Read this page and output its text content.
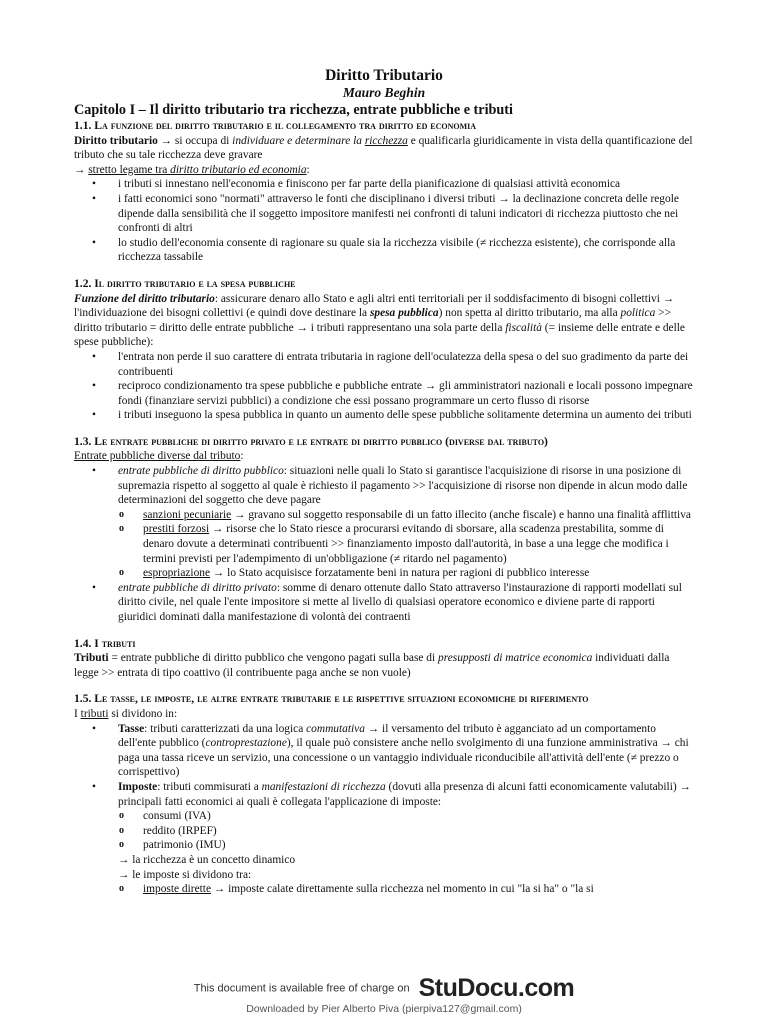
Diritto Tributario
Mauro Beghin
Capitolo I – Il diritto tributario tra ricchezza, entrate pubbliche e tributi
1.1. La funzione del diritto tributario e il collegamento tra diritto ed economia

Diritto tributario → si occupa di individuare e determinare la ricchezza e qualificarla giuridicamente in vista della quantificazione del tributo che su tale ricchezza deve gravare

→ stretto legame tra diritto tributario ed economia:

• i tributi si innestano nell'economia e finiscono per far parte della pianificazione di qualsiasi attività economica
• i fatti economici sono "normati" attraverso le fonti che disciplinano i diversi tributi → la declinazione concreta delle regole dipende dalla sensibilità che il soggetto impositore manifesti nei confronti di taluni indicatori di ricchezza piuttosto che nei confronti di altri
• lo studio dell'economia consente di ragionare su quale sia la ricchezza visibile (≠ ricchezza esistente), che corrisponde alla ricchezza tassabile
1.2. Il diritto tributario e la spesa pubbliche

Funzione del diritto tributario: assicurare denaro allo Stato e agli altri enti territoriali per il soddisfacimento di bisogni collettivi → l'individuazione dei bisogni collettivi (e quindi dove destinare la spesa pubblica) non spetta al diritto tributario, ma alla politica >> diritto tributario = diritto delle entrate pubbliche → i tributi rappresentano una sola parte della fiscalità (= insieme delle entrate e delle spese pubbliche):

• l'entrata non perde il suo carattere di entrata tributaria in ragione dell'oculatezza della spesa o del suo gradimento da parte dei contribuenti
• reciproco condizionamento tra spese pubbliche e pubbliche entrate → gli amministratori nazionali e locali possono impegnare fondi (finanziare servizi pubblici) a condizione che essi possano programmare un certo flusso di risorse
• i tributi inseguono la spesa pubblica in quanto un aumento delle spese pubbliche solitamente determina un aumento dei tributi
1.3. Le entrate pubbliche di diritto privato e le entrate di diritto pubblico (diverse dal tributo)

Entrate pubbliche diverse dal tributo:

• entrate pubbliche di diritto pubblico: situazioni nelle quali lo Stato si garantisce l'acquisizione di risorse in una posizione di supremazia rispetto al soggetto al quale è richiesto il pagamento >> l'acquisizione di risorse non dipende in alcun modo dalle determinazioni del soggetto che deve pagare
o sanzioni pecuniarie → gravano sul soggetto responsabile di un fatto illecito (anche fiscale) e hanno una finalità afflittiva
o prestiti forzosi → risorse che lo Stato riesce a procurarsi evitando di sborsare, alla scadenza prestabilita, somme di denaro dovute a determinati contribuenti >> finanziamento imposto dall'autorità, in base a una legge che modifica i termini previsti per l'adempimento di un'obbligazione (≠ ritardo nel pagamento)
o espropriazione → lo Stato acquisisce forzatamente beni in natura per ragioni di pubblico interesse
• entrate pubbliche di diritto privato: somme di denaro ottenute dallo Stato attraverso l'instaurazione di rapporti modellati sul diritto civile, nel quale l'ente impositore si mette al livello di qualsiasi operatore economico e diviene parte di rapporti giuridici dominati dalla manifestazione di volontà dei contraenti
1.4. I tributi

Tributi = entrate pubbliche di diritto pubblico che vengono pagati sulla base di presupposti di matrice economica individuati dalla legge >> entrata di tipo coattivo (il contribuente paga anche se non vuole)

1.5. Le tasse, le imposte, le altre entrate tributarie e le rispettive situazioni economiche di riferimento

I tributi si dividono in:

• Tasse: tributi caratterizzati da una logica commutativa → il versamento del tributo è agganciato ad un comportamento dell'ente pubblico (controprestazione), il quale può consistere anche nello svolgimento di una funzione amministrativa → chi paga una tassa riceve un servizio, una concessione o un vantaggio individuale riconducibile all'attività dell'ente (≠ prezzo o corrispettivo)
• Imposte: tributi commisurati a manifestazioni di ricchezza (dovuti alla presenza di alcuni fatti economicamente valutabili) → principali fatti economici ai quali è collegata l'applicazione di imposte:
o consumi (IVA)
o reddito (IRPEF)
o patrimonio (IMU)
→ la ricchezza è un concetto dinamico
→ le imposte si dividono tra:
o imposte dirette → imposte calate direttamente sulla ricchezza nel momento in cui "la si ha" o "la si
This document is available free of charge on StuDocu.com
Downloaded by Pier Alberto Piva (pierpiva127@gmail.com)
